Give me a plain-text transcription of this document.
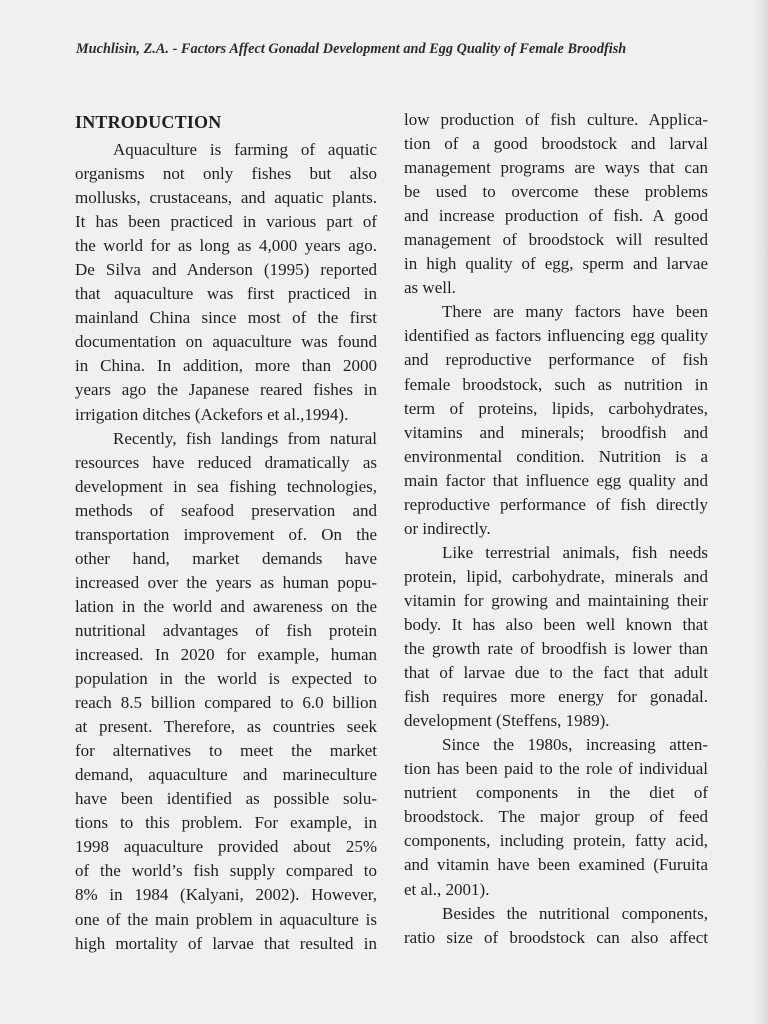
Muchlisin, Z.A. - Factors Affect Gonadal Development and Egg Quality of Female Broodfish
INTRODUCTION
Aquaculture is farming of aquatic
organisms not only fishes but also
mollusks, crustaceans, and aquatic plants.
It has been practiced in various part of
the world for as long as 4,000 years ago.
De Silva and Anderson (1995) reported
that aquaculture was first practiced in
mainland China since most of the first
documentation on aquaculture was found
in China. In addition, more than 2000
years ago the Japanese reared fishes in
irrigation ditches (Ackefors et al.,1994).
Recently, fish landings from natural
resources have reduced dramatically as
development in sea fishing technologies,
methods of seafood preservation and
transportation improvement of. On the
other hand, market demands have
increased over the years as human popu-
lation in the world and awareness on the
nutritional advantages of fish protein
increased. In 2020 for example, human
population in the world is expected to
reach 8.5 billion compared to 6.0 billion
at present. Therefore, as countries seek
for alternatives to meet the market
demand, aquaculture and marineculture
have been identified as possible solu-
tions to this problem. For example, in
1998 aquaculture provided about 25%
of the world’s fish supply compared to
8% in 1984 (Kalyani, 2002). However,
one of the main problem in aquaculture is
high mortality of larvae that resulted in
low production of fish culture. Applica-
tion of a good broodstock and larval
management programs are ways that can
be used to overcome these problems
and increase production of fish. A good
management of broodstock will resulted
in high quality of egg, sperm and larvae
as well.
There are many factors have been
identified as factors influencing egg quality
and reproductive performance of fish
female broodstock, such as nutrition in
term of proteins, lipids, carbohydrates,
vitamins and minerals; broodfish and
environmental condition. Nutrition is a
main factor that influence egg quality and
reproductive performance of fish directly
or indirectly.
Like terrestrial animals, fish needs
protein, lipid, carbohydrate, minerals and
vitamin for growing and maintaining their
body. It has also been well known that
the growth rate of broodfish is lower than
that of larvae due to the fact that adult
fish requires more energy for gonadal.
development (Steffens, 1989).
Since the 1980s, increasing atten-
tion has been paid to the role of individual
nutrient components in the diet of
broodstock. The major group of feed
components, including protein, fatty acid,
and vitamin have been examined (Furuita
et al., 2001).
Besides the nutritional components,
ratio size of broodstock can also affect
